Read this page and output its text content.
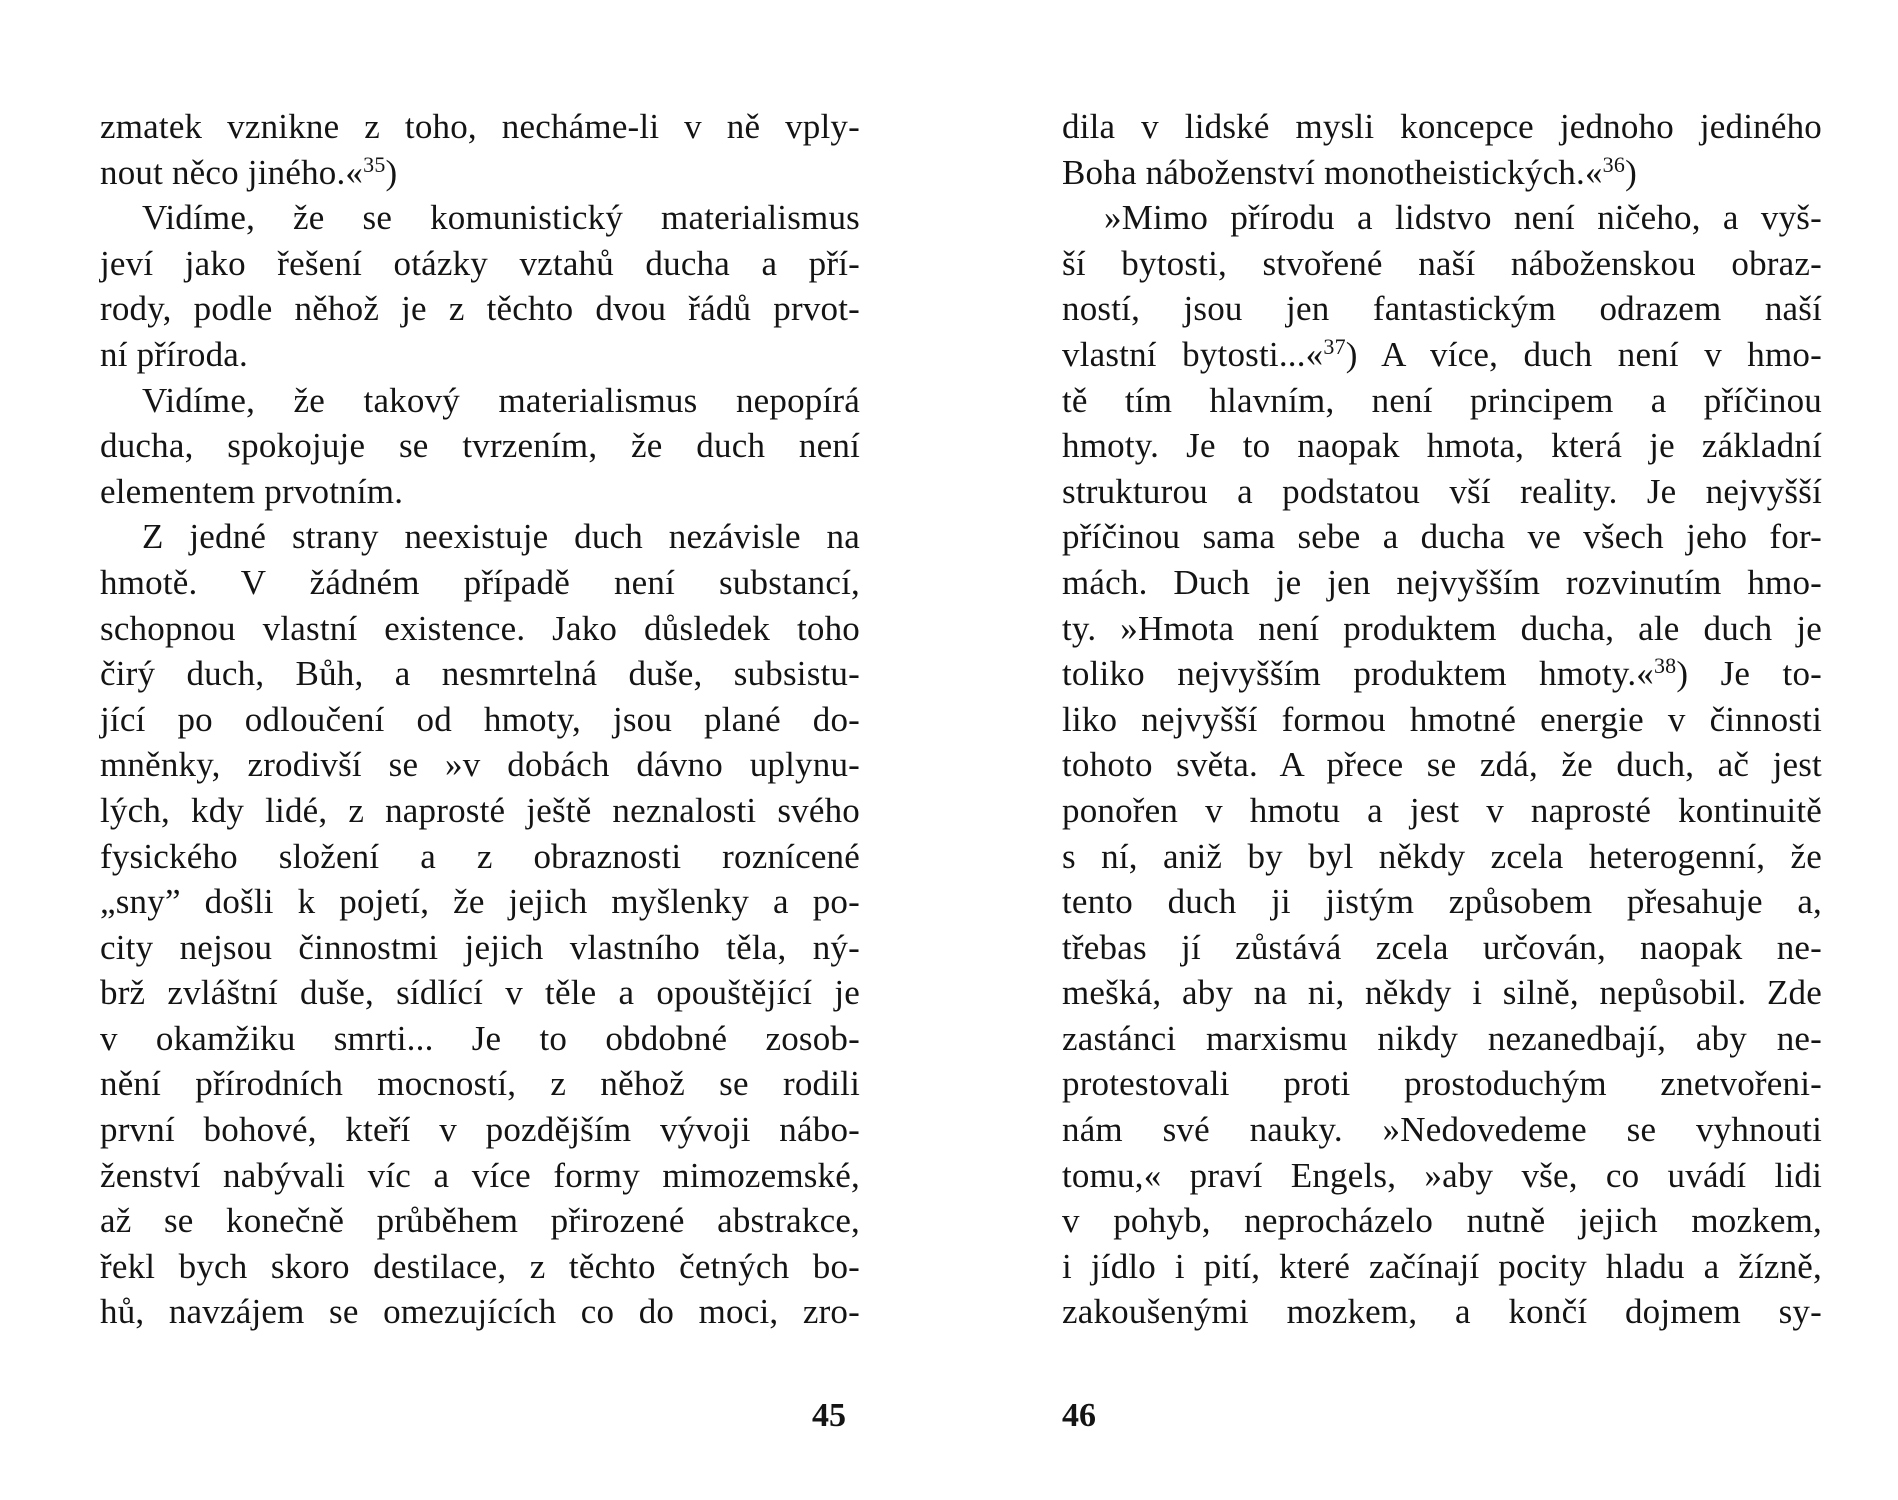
zmatek vznikne z toho, necháme-li v ně vply-
nout něco jiného.«$^{35}$)
Vidíme, že se komunistický materialismus
jeví jako řešení otázky vztahů ducha a pří-
rody, podle něhož je z těchto dvou řádů prvot-
ní příroda.
Vidíme, že takový materialismus nepopírá
ducha, spokojuje se tvrzením, že duch není
elementem prvotním.
Z jedné strany neexistuje duch nezávisle na
hmotě. V žádném případě není substancí,
schopnou vlastní existence. Jako důsledek toho
čirý duch, Bůh, a nesmrtelná duše, subsistu-
jící po odloučení od hmoty, jsou plané do-
mněnky, zrodivší se »v dobách dávno uplynu-
lých, kdy lidé, z naprosté ještě neznalosti svého
fysického složení a z obraznosti roznícené
„sny” došli k pojetí, že jejich myšlenky a po-
city nejsou činnostmi jejich vlastního těla, ný-
brž zvláštní duše, sídlící v těle a opouštějící je
v okamžiku smrti... Je to obdobné zosob-
nění přírodních mocností, z něhož se rodili
první bohové, kteří v pozdějším vývoji nábo-
ženství nabývali víc a více formy mimozemské,
až se konečně průběhem přirozené abstrakce,
řekl bych skoro destilace, z těchto četných bo-
hů, navzájem se omezujících co do moci, zro-
dila v lidské mysli koncepce jednoho jediného
Boha náboženství monotheistických.«$^{36}$)
»Mimo přírodu a lidstvo není ničeho, a vyš-
ší bytosti, stvořené naší náboženskou obraz-
ností, jsou jen fantastickým odrazem naší
vlastní bytosti...«$^{37}$) A více, duch není v hmo-
tě tím hlavním, není principem a příčinou
hmoty. Je to naopak hmota, která je základní
strukturou a podstatou vší reality. Je nejvyšší
příčinou sama sebe a ducha ve všech jeho for-
mách. Duch je jen nejvyšším rozvinutím hmo-
ty. »Hmota není produktem ducha, ale duch je
toliko nejvyšším produktem hmoty.«$^{38}$) Je to-
liko nejvyšší formou hmotné energie v činnosti
tohoto světa. A přece se zdá, že duch, ač jest
ponořen v hmotu a jest v naprosté kontinuitě
s ní, aniž by byl někdy zcela heterogenní, že
tento duch ji jistým způsobem přesahuje a,
třebas jí zůstává zcela určován, naopak ne-
mešká, aby na ni, někdy i silně, nepůsobil. Zde
zastánci marxismu nikdy nezanedbají, aby ne-
protestovali proti prostoduchým znetvořeni-
nám své nauky. »Nedovedeme se vyhnouti
tomu,« praví Engels, »aby vše, co uvádí lidi
v pohyb, neprocházelo nutně jejich mozkem,
i jídlo i pití, které začínají pocity hladu a žízně,
zakoušenými mozkem, a končí dojmem sy-
45	46
